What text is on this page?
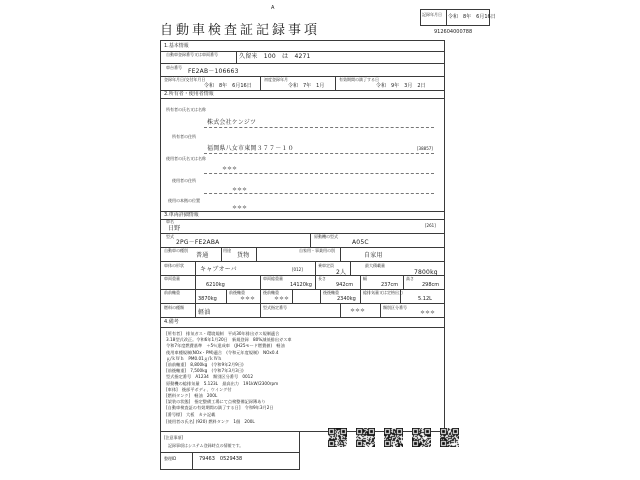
A
自動車検査証記録事項
記録年月日 令和　8年　6月16日
912604000788
1.基本情報
自動車登録番号又は車両番号	久留米　100　は　4271
車台番号
FE2AB－106663
登録年月日/交付年月日
令和　8年　6月16日
初度登録年月
令和　7年　1月
有効期間の満了する日
令和　9年　3月　2日
2.所有者・使用者情報
所有者の氏名又は名称
株式会社ケンジツ
所有者の住所
福岡県八女市東岡３７７－１０	[38857]
使用者の氏名又は名称
＊＊＊
使用者の住所
＊＊＊
使用の本拠の位置
＊＊＊
3.車両詳細情報
車名
日野	[261]
型式
2PG－FE2ABA
原動機の型式
A05C
自動車の種別
普通
用途
貨物
自家用・事業用の別
自家用
車体の形状
キャブオーバ	[012]
乗車定員
2人
最大積載量
7800kg
車両重量
6210kg
車両総重量
14120kg
長さ
942cm
幅
237cm
高さ
298cm
前前軸重
3870kg
前後軸重
＊＊＊
後前軸重
＊＊＊
後後軸重
2340kg
総排気量又は定格出力
5.12L
燃料の種類
軽油
型式指定番号
＊＊＊
類別区分番号
＊＊＊
4.備考
[所有者]　排気ガス・環境規制　平成30年排出ガス規制適合
3.18型式改正。令和6年1月20日　新規登録　80%減低排出ガス車
令和7年度燃費基準　＋5％達成車　(JH25モード燃費値)　軽油
使用車種規制(NOx・PM)適合　(令和元年度規制)　NOx0.4
ｇ/ｋＷｈ　PM0.01ｇ/ｋＷｈ
[前前軸重]　8,800kg　(令和9年2月9日)
[前後軸重]　7,500kg　(令和7年3月3日)
型式指定番号　A1234　類別区分番号　0012
原動機の総排気量　5.123L　最高出力　191kW/2300rpm
[車体]　後部平ボディ、ウイング付
[燃料タンク]　軽油　200L
[架装の状態]　指定整備工場にて点検整備記録簿あり
[自動車検査証の有効期間の満了する日]　令和9年3月2日
[番号標]　大板　カナ記載
[使用者の氏名] (920) 燃料タンク　1個　200L
[注意事項]
　記録事項はシステム登録時点の情報です。
整理ID	79463　0529438
